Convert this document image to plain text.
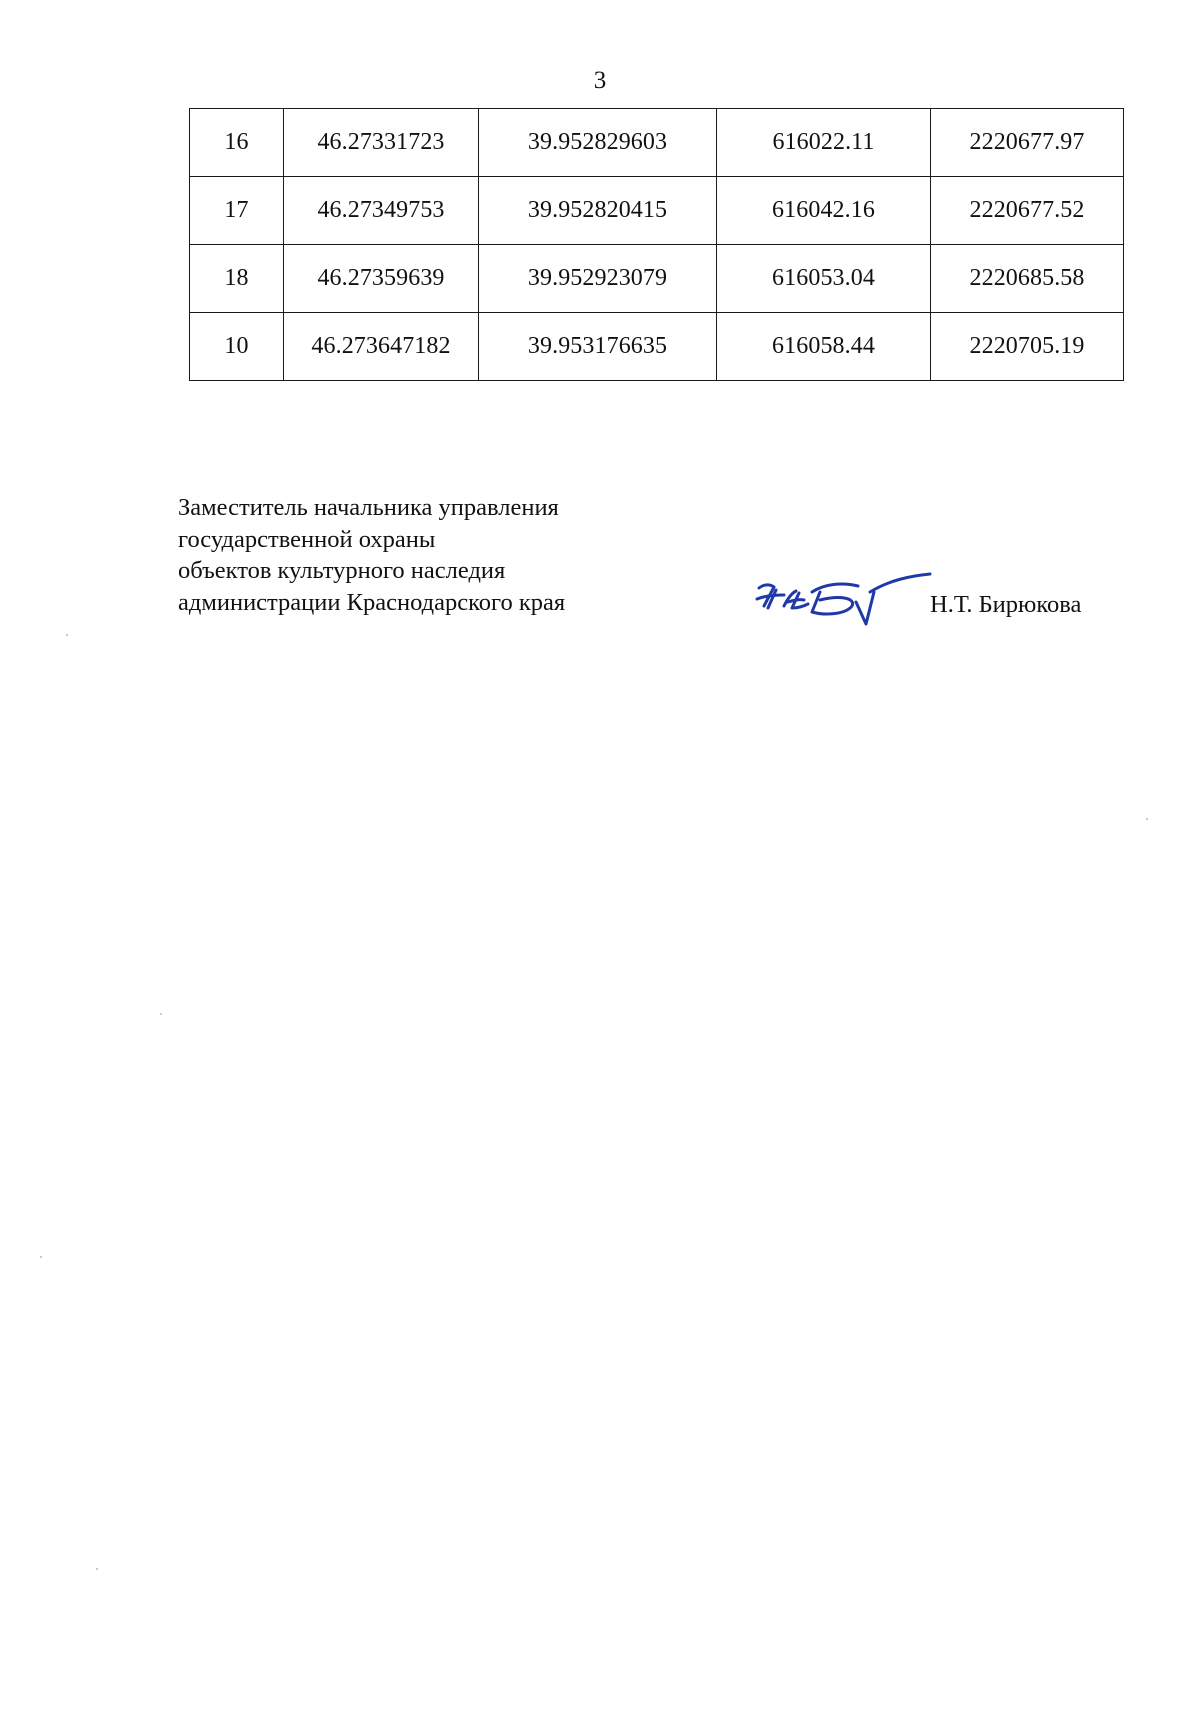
3
16	46.27331723	39.952829603	616022.11	2220677.97
17	46.27349753	39.952820415	616042.16	2220677.52
18	46.27359639	39.952923079	616053.04	2220685.58
10	46.273647182	39.953176635	616058.44	2220705.19
Заместитель начальника управления
государственной охраны
объектов культурного наследия
администрации Краснодарского края	Н.Т. Бирюкова
